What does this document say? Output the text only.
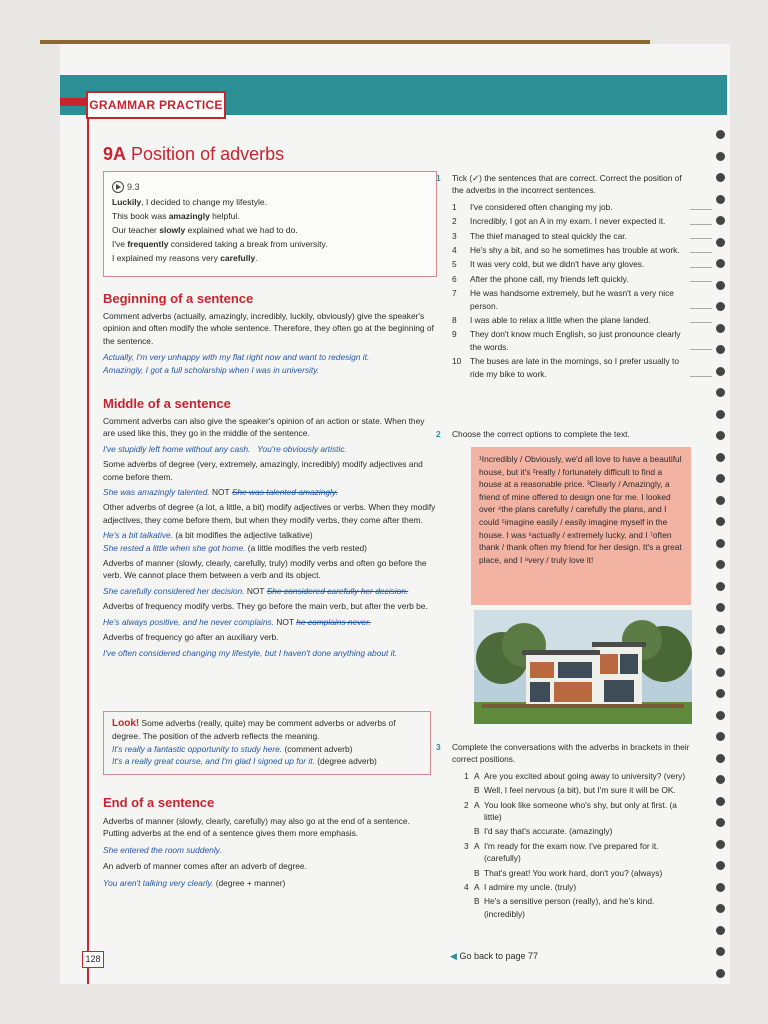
GRAMMAR PRACTICE
9A Position of adverbs
9.3
Luckily, I decided to change my lifestyle.
This book was amazingly helpful.
Our teacher slowly explained what we had to do.
I've frequently considered taking a break from university.
I explained my reasons very carefully.
Beginning of a sentence
Comment adverbs (actually, amazingly, incredibly, luckily, obviously) give the speaker's opinion and often modify the whole sentence. Therefore, they often go at the beginning of the sentence.
Actually, I'm very unhappy with my flat right now and want to redesign it.
Amazingly, I got a full scholarship when I was in university.
Middle of a sentence
Comment adverbs can also give the speaker's opinion of an action or state. When they are used like this, they go in the middle of the sentence.
I've stupidly left home without any cash. You're obviously artistic.
Some adverbs of degree (very, extremely, amazingly, incredibly) modify adjectives and come before them.
She was amazingly talented. NOT She was talented amazingly.
Other adverbs of degree (a lot, a little, a bit) modify adjectives or verbs. When they modify adjectives, they come before them, but when they modify verbs, they come after them.
He's a bit talkative. (a bit modifies the adjective talkative)
She rested a little when she got home. (a little modifies the verb rested)
Adverbs of manner (slowly, clearly, carefully, truly) modify verbs and often go before the verb. We cannot place them between a verb and its object.
She carefully considered her decision. NOT She considered carefully her decision.
Adverbs of frequency modify verbs. They go before the main verb, but after the verb be.
He's always positive, and he never complains. NOT he complains never.
Adverbs of frequency go after an auxiliary verb.
I've often considered changing my lifestyle, but I haven't done anything about it.
Look! Some adverbs (really, quite) may be comment adverbs or adverbs of degree. The position of the adverb reflects the meaning.
It's really a fantastic opportunity to study here. (comment adverb)
It's a really great course, and I'm glad I signed up for it. (degree adverb)
End of a sentence
Adverbs of manner (slowly, clearly, carefully) may also go at the end of a sentence. Putting adverbs at the end of a sentence gives them more emphasis.
She entered the room suddenly.
An adverb of manner comes after an adverb of degree.
You aren't talking very clearly. (degree + manner)
128
1 Tick (✓) the sentences that are correct. Correct the position of the adverbs in the incorrect sentences.
1 I've considered often changing my job.
2 Incredibly, I got an A in my exam. I never expected it.
3 The thief managed to steal quickly the car.
4 He's shy a bit, and so he sometimes has trouble at work.
5 It was very cold, but we didn't have any gloves.
6 After the phone call, my friends left quickly.
7 He was handsome extremely, but he wasn't a very nice person.
8 I was able to relax a little when the plane landed.
9 They don't know much English, so just pronounce clearly the words.
10 The buses are late in the mornings, so I prefer usually to ride my bike to work.
2 Choose the correct options to complete the text.
¹Incredibly / Obviously, we'd all love to have a beautiful house, but it's ²really / fortunately difficult to find a house at a reasonable price. ³Clearly / Amazingly, a friend of mine offered to design one for me. I looked over ⁴the plans carefully / carefully the plans, and I could ⁵imagine easily / easily imagine myself in the house. I was ⁶actually / extremely lucky, and I ⁷often thank / thank often my friend for her design. It's a great place, and I ⁸very / truly love it!
3 Complete the conversations with the adverbs in brackets in their correct positions.
1 A Are you excited about going away to university? (very)
B Well, I feel nervous (a bit), but I'm sure it will be OK.
2 A You look like someone who's shy, but only at first. (a little)
B I'd say that's accurate. (amazingly)
3 A I'm ready for the exam now. I've prepared for it. (carefully)
B That's great! You work hard, don't you? (always)
4 A I admire my uncle. (truly)
B He's a sensitive person (really), and he's kind. (incredibly)
◀ Go back to page 77
